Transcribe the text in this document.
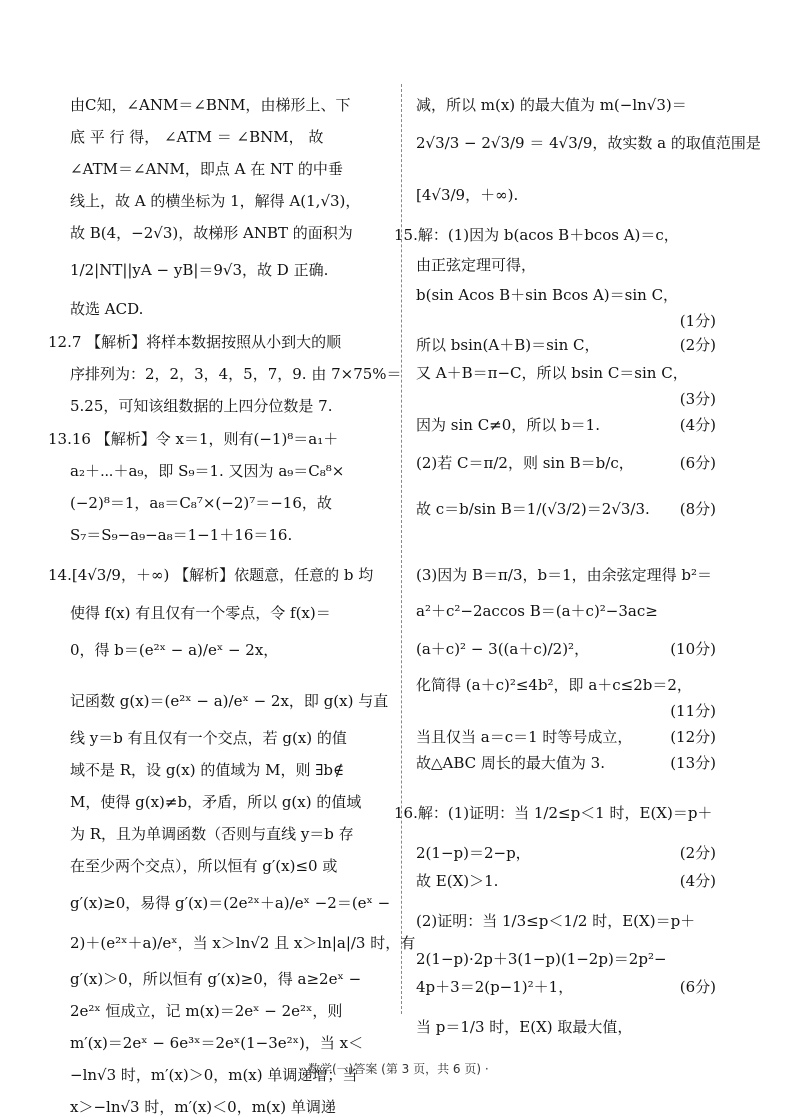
由C知，∠ANM＝∠BNM，由梯形上、下
底 平 行 得， ∠ATM ＝ ∠BNM， 故
∠ATM＝∠ANM，即点 A 在 NT 的中垂
线上，故 A 的横坐标为 1，解得 A(1,√3)，
故 B(4，−2√3)，故梯形 ANBT 的面积为
1/2|NT||yA − yB|＝9√3，故 D 正确.
故选 ACD.
12.7 【解析】将样本数据按照从小到大的顺
序排列为：2，2，3，4，5，7，9. 由 7×75%＝
5.25，可知该组数据的上四分位数是 7.
13.16 【解析】令 x＝1，则有(−1)⁸＝a₁＋
a₂＋⋯＋a₉，即 S₉＝1. 又因为 a₉＝C₈⁸×
(−2)⁸＝1，a₈＝C₈⁷×(−2)⁷＝−16，故
S₇＝S₉−a₉−a₈＝1−1＋16＝16.
14.[4√3/9，＋∞) 【解析】依题意，任意的 b 均
使得 f(x) 有且仅有一个零点，令 f(x)＝
0，得 b＝(e²ˣ − a)/eˣ − 2x，
记函数 g(x)＝(e²ˣ − a)/eˣ − 2x，即 g(x) 与直
线 y＝b 有且仅有一个交点，若 g(x) 的值
域不是 R，设 g(x) 的值域为 M，则 ∃b∉
M，使得 g(x)≠b，矛盾，所以 g(x) 的值域
为 R，且为单调函数（否则与直线 y＝b 存
在至少两个交点），所以恒有 g′(x)≤0 或
g′(x)≥0，易得 g′(x)＝(2e²ˣ＋a)/eˣ −2＝(eˣ −
2)＋(e²ˣ＋a)/eˣ，当 x＞ln√2 且 x＞ln|a|/3 时，有
g′(x)＞0，所以恒有 g′(x)≥0，得 a≥2eˣ −
2e²ˣ 恒成立，记 m(x)＝2eˣ − 2e²ˣ，则
m′(x)＝2eˣ − 6e³ˣ＝2eˣ(1−3e²ˣ)，当 x＜
−ln√3 时，m′(x)＞0，m(x) 单调递增；当
x＞−ln√3 时，m′(x)＜0，m(x) 单调递
减，所以 m(x) 的最大值为 m(−ln√3)＝
2√3/3 − 2√3/9 ＝ 4√3/9，故实数 a 的取值范围是
[4√3/9，＋∞).
15.解：(1)因为 b(acos B＋bcos A)＝c，
由正弦定理可得，
b(sin Acos B＋sin Bcos A)＝sin C，
(1分)
所以 bsin(A＋B)＝sin C，	(2分)
又 A＋B＝π−C，所以 bsin C＝sin C，
(3分)
因为 sin C≠0，所以 b＝1.	(4分)
(2)若 C＝π/2，则 sin B＝b/c，	(6分)
故 c＝b/sin B＝1/(√3/2)＝2√3/3. (8分)
(3)因为 B＝π/3，b＝1，由余弦定理得 b²＝
a²＋c²−2accos B＝(a＋c)²−3ac≥
(a＋c)² − 3((a＋c)/2)²，	(10分)
化简得 (a＋c)²≤4b²，即 a＋c≤2b＝2，
(11分)
当且仅当 a＝c＝1 时等号成立，	(12分)
故△ABC 周长的最大值为 3.	(13分)
16.解：(1)证明：当 1/2≤p＜1 时，E(X)＝p＋
2(1−p)＝2−p，	(2分)
故 E(X)＞1.	(4分)
(2)证明：当 1/3≤p＜1/2 时，E(X)＝p＋
2(1−p)·2p＋3(1−p)(1−2p)＝2p²−
4p＋3＝2(p−1)²＋1，	(6分)
当 p＝1/3 时，E(X) 取最大值，
· 数学(一)答案 (第 3 页，共 6 页) ·
